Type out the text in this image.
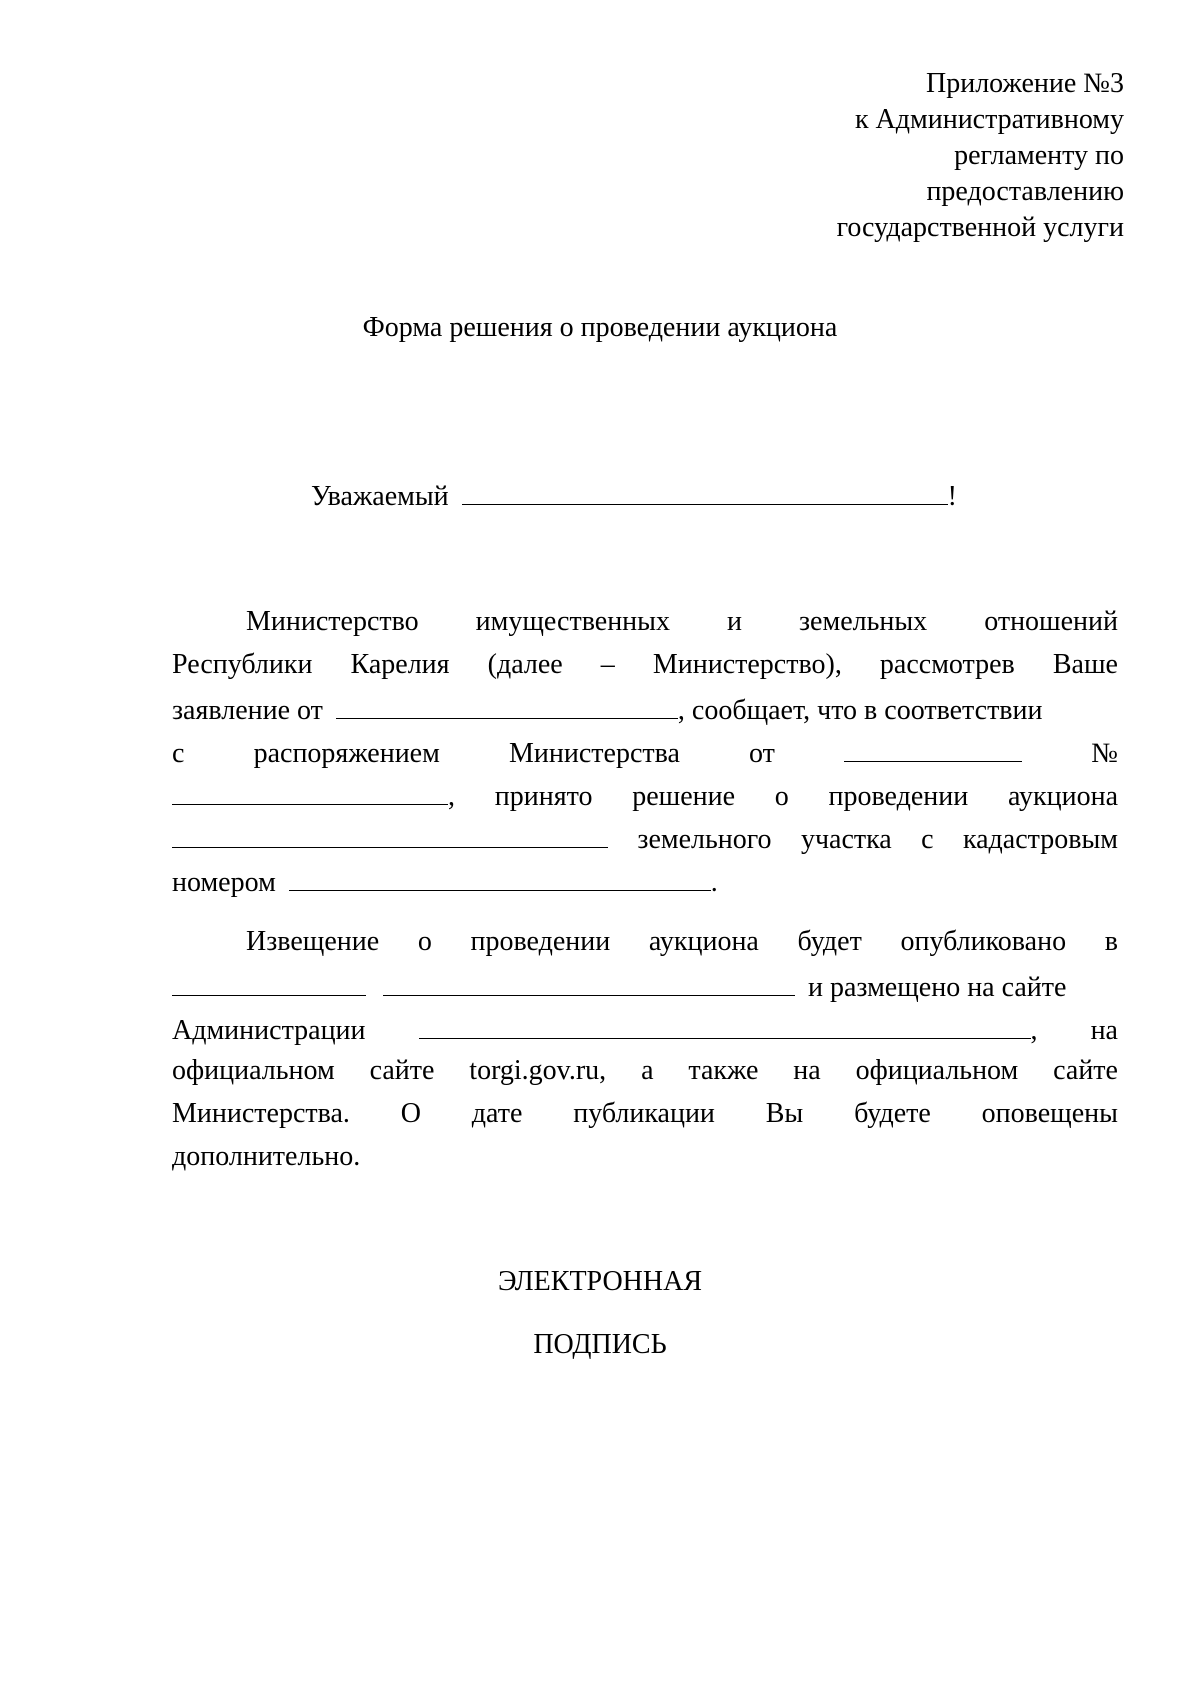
Приложение №3
к Административному
регламенту по
предоставлению
государственной услуги
Форма решения о проведении аукциона
Уважаемый	!
Министерство имущественных и земельных отношений
Республики Карелия (далее – Министерство), рассмотрев Ваше
заявление от	, сообщает, что в соответствии
с распоряжением Министерства от	№
, принято решение о проведении аукциона
земельного участка с кадастровым
номером	.
Извещение о проведении аукциона будет опубликовано в
и размещено на сайте
Администрации	, на
официальном сайте torgi.gov.ru, а также на официальном сайте
Министерства. О дате публикации Вы будете оповещены
дополнительно.
ЭЛЕКТРОННАЯ
ПОДПИСЬ
